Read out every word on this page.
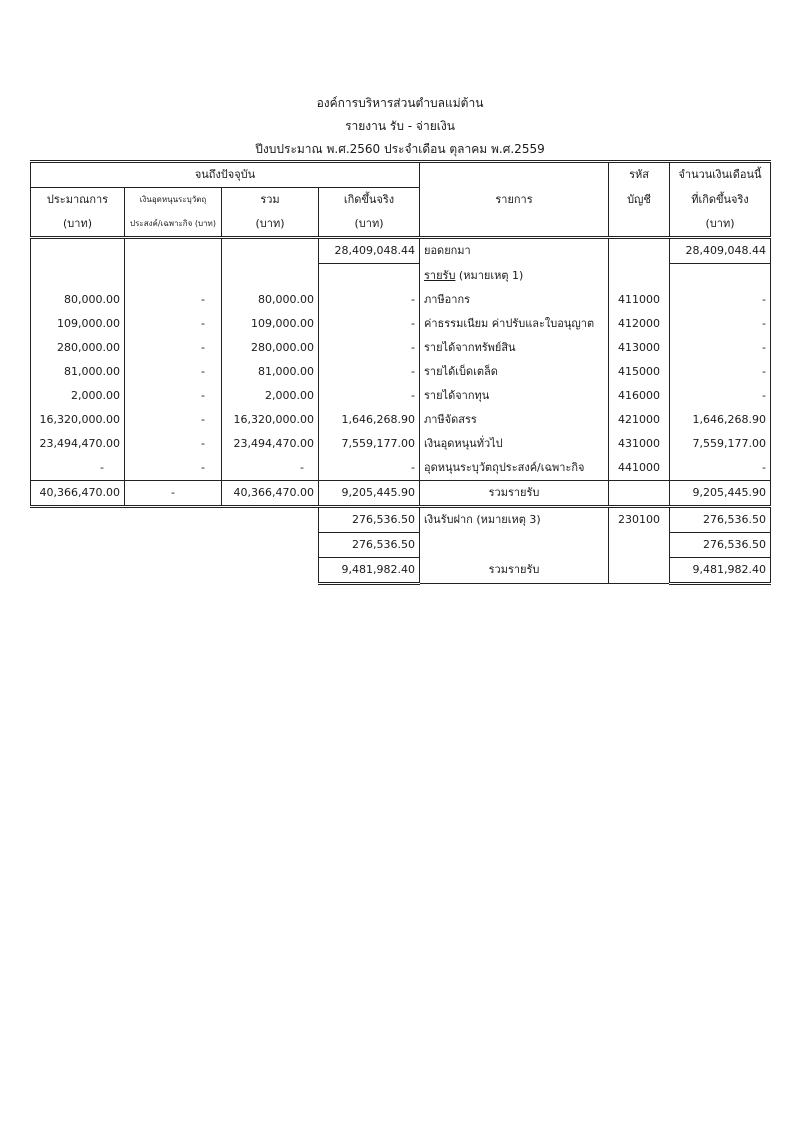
องค์การบริหารส่วนตำบลแม่ต้าน
รายงาน รับ - จ่ายเงิน
ปีงบประมาณ พ.ศ.2560 ประจำเดือน ตุลาคม พ.ศ.2559
จนถึงปัจจุบัน					รหัส	จำนวนเงินเดือนนี้
ประมาณการ	เงินอุดหนุนระบุวัตถุ	รวม	เกิดขึ้นจริง	รายการ	บัญชี	ที่เกิดขึ้นจริง
(บาท)	ประสงค์/เฉพาะกิจ (บาท)	(บาท)	(บาท)			(บาท)
			28,409,048.44	ยอดยกมา		28,409,048.44
				รายรับ (หมายเหตุ 1)		
80,000.00	-	80,000.00	-	ภาษีอากร	411000	-
109,000.00	-	109,000.00	-	ค่าธรรมเนียม ค่าปรับและใบอนุญาต	412000	-
280,000.00	-	280,000.00	-	รายได้จากทรัพย์สิน	413000	-
81,000.00	-	81,000.00	-	รายได้เบ็ดเตล็ด	415000	-
2,000.00	-	2,000.00	-	รายได้จากทุน	416000	-
16,320,000.00	-	16,320,000.00	1,646,268.90	ภาษีจัดสรร	421000	1,646,268.90
23,494,470.00	-	23,494,470.00	7,559,177.00	เงินอุดหนุนทั่วไป	431000	7,559,177.00
-	-	-	-	อุดหนุนระบุวัตถุประสงค์/เฉพาะกิจ	441000	-
40,366,470.00	-	40,366,470.00	9,205,445.90	รวมรายรับ		9,205,445.90
			276,536.50	เงินรับฝาก (หมายเหตุ 3)	230100	276,536.50
			276,536.50			276,536.50
			9,481,982.40	รวมรายรับ		9,481,982.40
